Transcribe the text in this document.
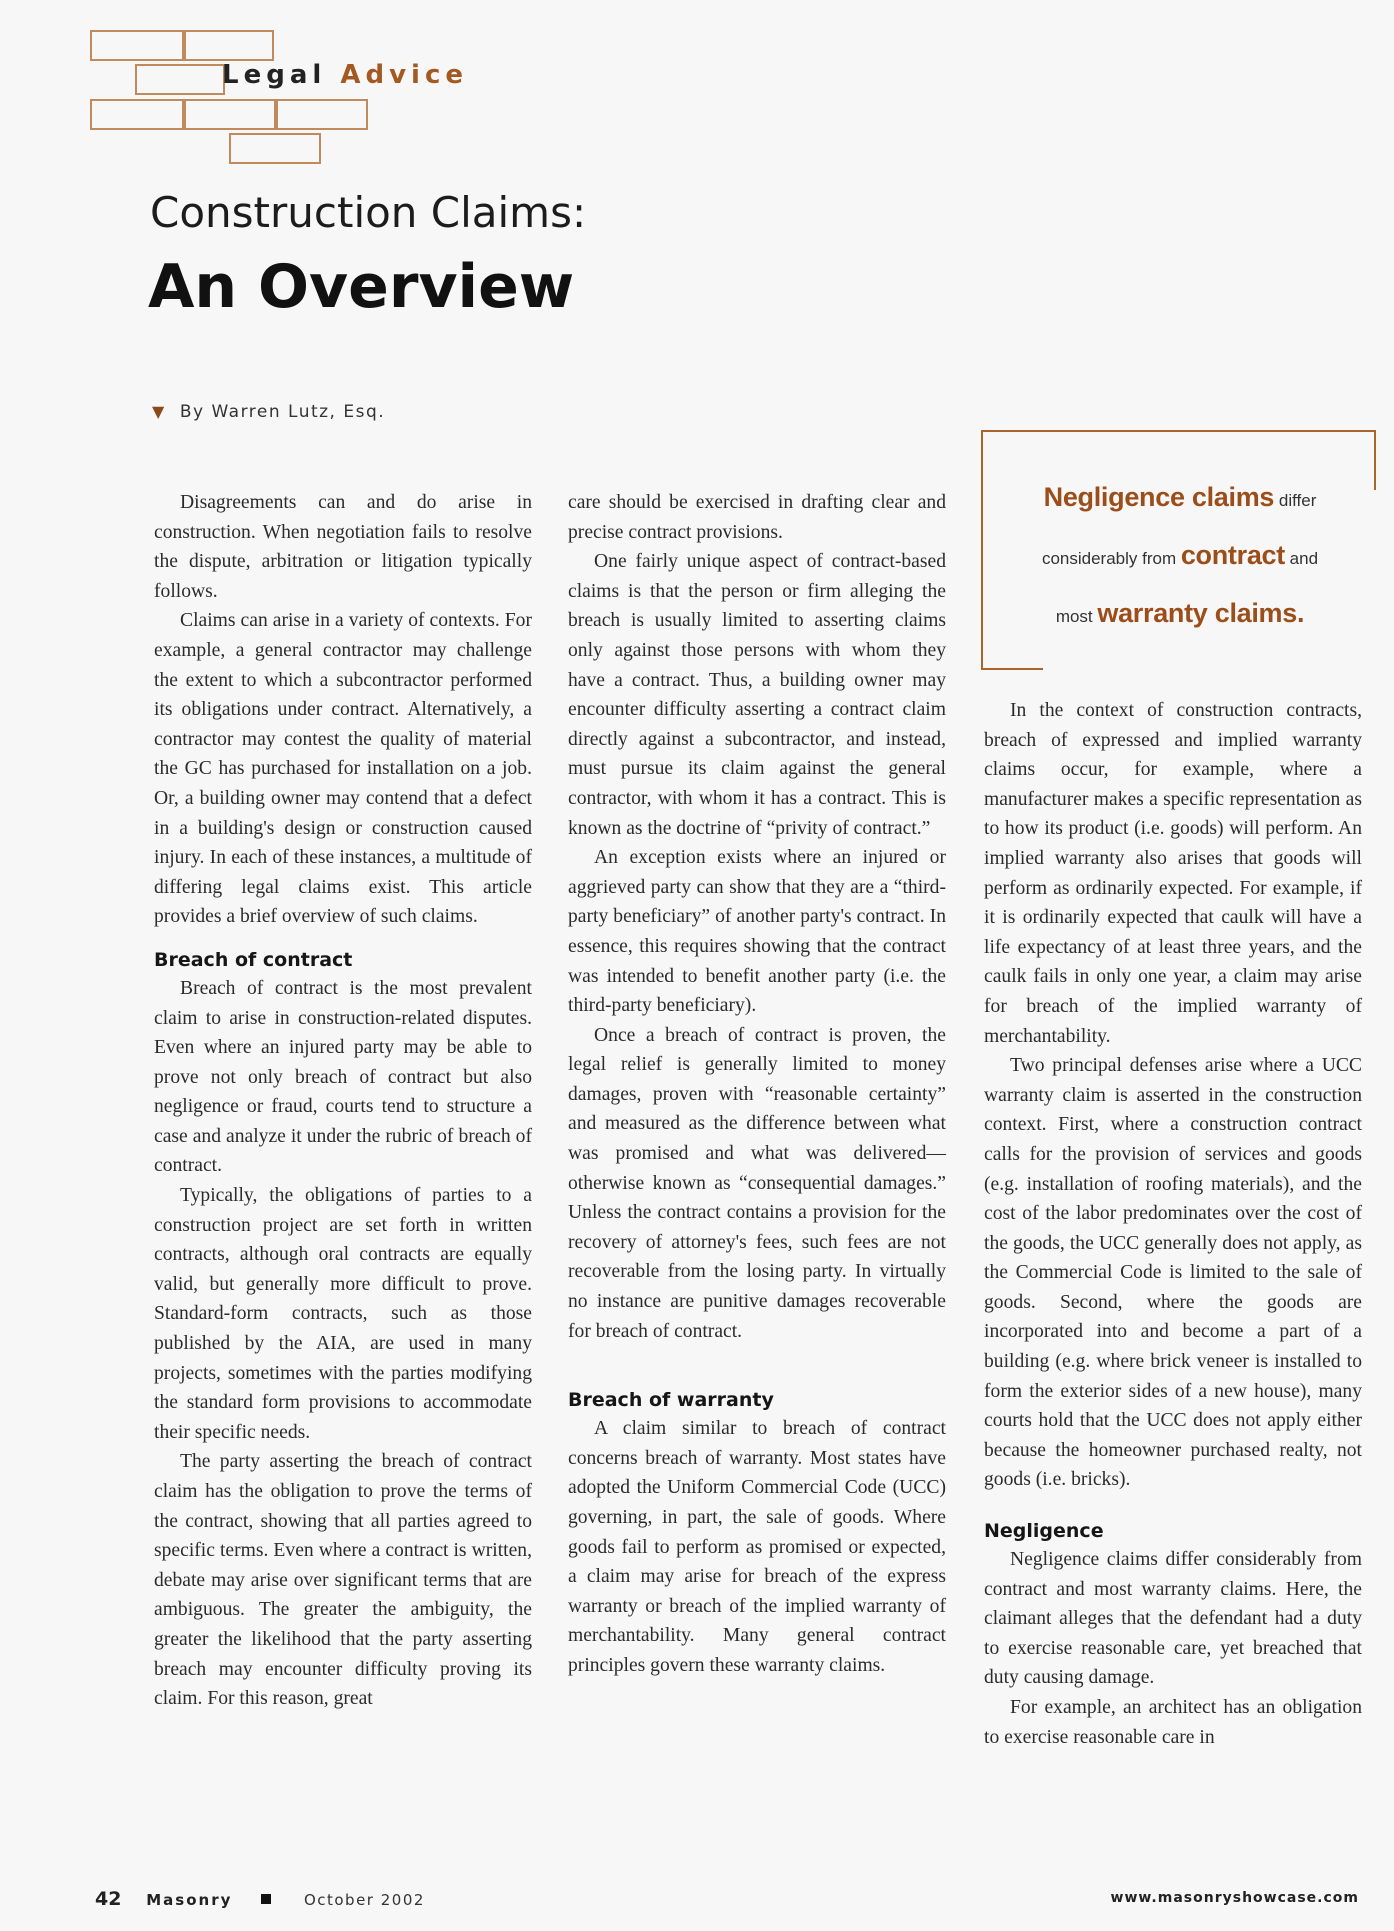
Legal Advice
Construction Claims:
An Overview
▼ By Warren Lutz, Esq.

Disagreements can and do arise in construction. When negotiation fails to resolve the dispute, arbitration or litigation typically follows.

Claims can arise in a variety of contexts. For example, a general contractor may challenge the extent to which a subcontractor performed its obligations under contract. Alternatively, a contractor may contest the quality of material the GC has purchased for installation on a job. Or, a building owner may contend that a defect in a building's design or construction caused injury. In each of these instances, a multitude of differing legal claims exist. This article provides a brief overview of such claims.

Breach of contract

Breach of contract is the most prevalent claim to arise in construction-related disputes. Even where an injured party may be able to prove not only breach of contract but also negligence or fraud, courts tend to structure a case and analyze it under the rubric of breach of contract.

Typically, the obligations of parties to a construction project are set forth in written contracts, although oral contracts are equally valid, but generally more difficult to prove. Standard-form contracts, such as those published by the AIA, are used in many projects, sometimes with the parties modifying the standard form provisions to accommodate their specific needs.

The party asserting the breach of contract claim has the obligation to prove the terms of the contract, showing that all parties agreed to specific terms. Even where a contract is written, debate may arise over significant terms that are ambiguous. The greater the ambiguity, the greater the likelihood that the party asserting breach may encounter difficulty proving its claim. For this reason, great

care should be exercised in drafting clear and precise contract provisions.

One fairly unique aspect of contract-based claims is that the person or firm alleging the breach is usually limited to asserting claims only against those persons with whom they have a contract. Thus, a building owner may encounter difficulty asserting a contract claim directly against a subcontractor, and instead, must pursue its claim against the general contractor, with whom it has a contract. This is known as the doctrine of “privity of contract.”

An exception exists where an injured or aggrieved party can show that they are a “third-party beneficiary” of another party's contract. In essence, this requires showing that the contract was intended to benefit another party (i.e. the third-party beneficiary).

Once a breach of contract is proven, the legal relief is generally limited to money damages, proven with “reasonable certainty” and measured as the difference between what was promised and what was delivered—otherwise known as “consequential damages.” Unless the contract contains a provision for the recovery of attorney's fees, such fees are not recoverable from the losing party. In virtually no instance are punitive damages recoverable for breach of contract.

Breach of warranty

A claim similar to breach of contract concerns breach of warranty. Most states have adopted the Uniform Commercial Code (UCC) governing, in part, the sale of goods. Where goods fail to perform as promised or expected, a claim may arise for breach of the express warranty or breach of the implied warranty of merchantability. Many general contract principles govern these warranty claims.

Negligence claims differ
considerably from contract and
most warranty claims.

In the context of construction contracts, breach of expressed and implied warranty claims occur, for example, where a manufacturer makes a specific representation as to how its product (i.e. goods) will perform. An implied warranty also arises that goods will perform as ordinarily expected. For example, if it is ordinarily expected that caulk will have a life expectancy of at least three years, and the caulk fails in only one year, a claim may arise for breach of the implied warranty of merchantability.

Two principal defenses arise where a UCC warranty claim is asserted in the construction context. First, where a construction contract calls for the provision of services and goods (e.g. installation of roofing materials), and the cost of the labor predominates over the cost of the goods, the UCC generally does not apply, as the Commercial Code is limited to the sale of goods. Second, where the goods are incorporated into and become a part of a building (e.g. where brick veneer is installed to form the exterior sides of a new house), many courts hold that the UCC does not apply either because the homeowner purchased realty, not goods (i.e. bricks).

Negligence

Negligence claims differ considerably from contract and most warranty claims. Here, the claimant alleges that the defendant had a duty to exercise reasonable care, yet breached that duty causing damage.

For example, an architect has an obligation to exercise reasonable care in

42 Masonry	October 2002	www.masonryshowcase.com
